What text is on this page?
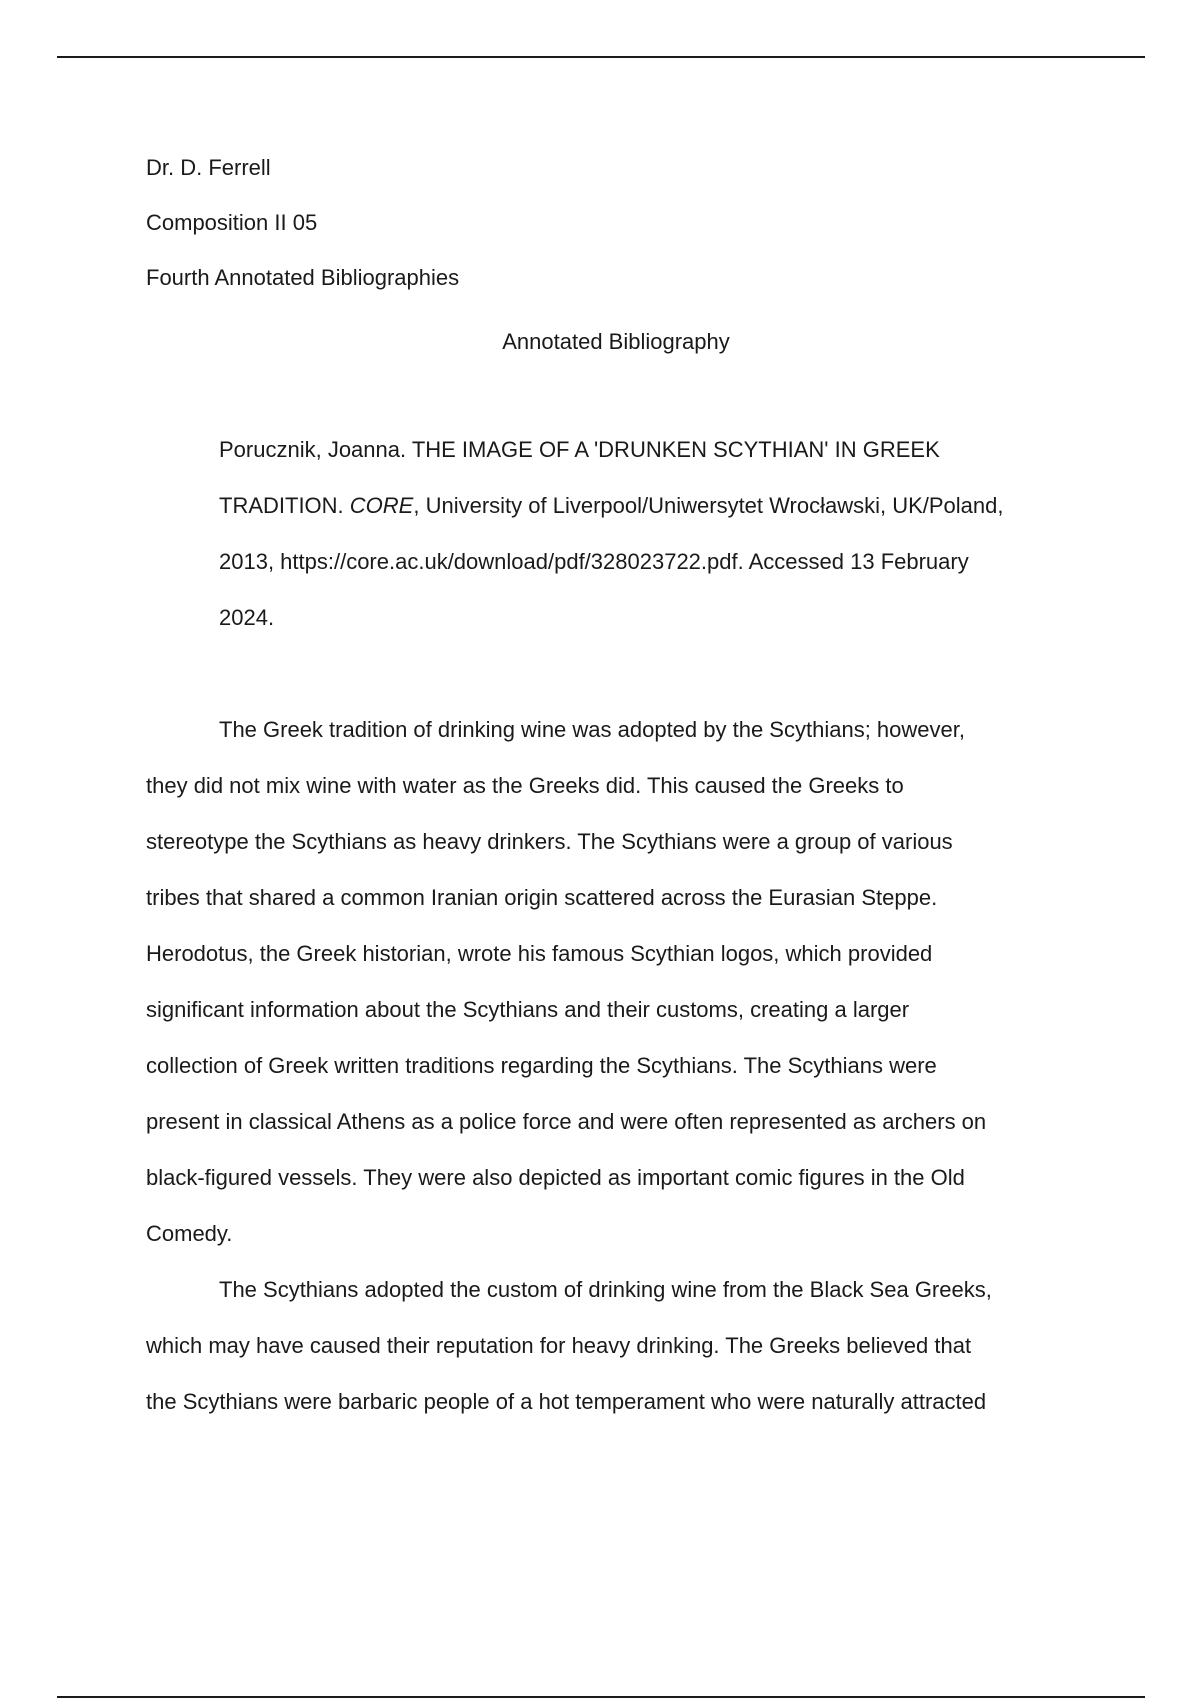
Dr. D. Ferrell

Composition II 05

Fourth Annotated Bibliographies

Annotated Bibliography

Porucznik, Joanna. THE IMAGE OF A 'DRUNKEN SCYTHIAN' IN GREEK
TRADITION. CORE, University of Liverpool/Uniwersytet Wrocławski, UK/Poland,
2013, https://core.ac.uk/download/pdf/328023722.pdf. Accessed 13 February
2024.

The Greek tradition of drinking wine was adopted by the Scythians; however,

they did not mix wine with water as the Greeks did. This caused the Greeks to

stereotype the Scythians as heavy drinkers. The Scythians were a group of various

tribes that shared a common Iranian origin scattered across the Eurasian Steppe.

Herodotus, the Greek historian, wrote his famous Scythian logos, which provided

significant information about the Scythians and their customs, creating a larger

collection of Greek written traditions regarding the Scythians. The Scythians were

present in classical Athens as a police force and were often represented as archers on

black-figured vessels. They were also depicted as important comic figures in the Old

Comedy.

The Scythians adopted the custom of drinking wine from the Black Sea Greeks,

which may have caused their reputation for heavy drinking. The Greeks believed that

the Scythians were barbaric people of a hot temperament who were naturally attracted
